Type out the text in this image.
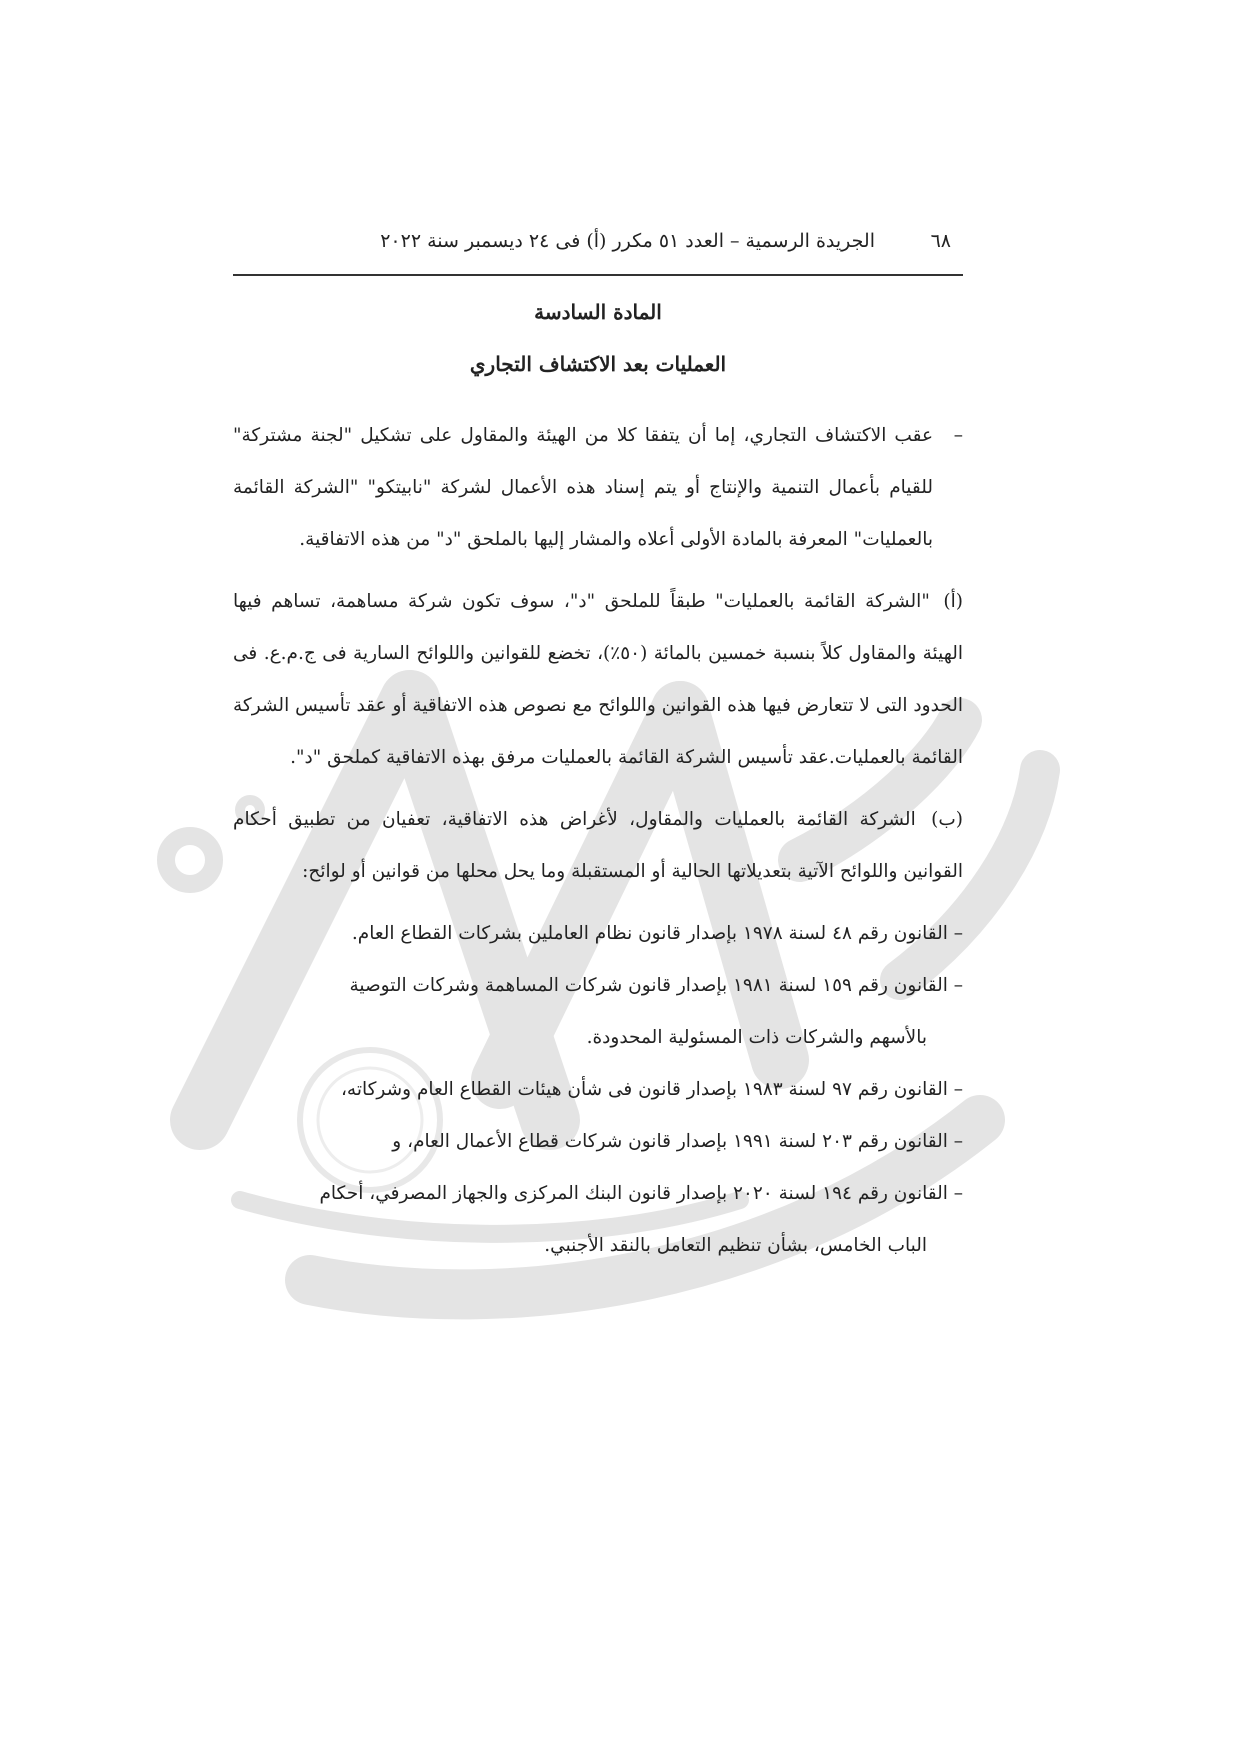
٦٨
الجريدة الرسمية – العدد ٥١ مكرر (أ) فى ٢٤ ديسمبر سنة ٢٠٢٢
المادة السادسة
العمليات بعد الاكتشاف التجاري
–
عقب الاكتشاف التجاري، إما أن يتفقا كلا من الهيئة والمقاول على تشكيل "لجنة مشتركة" للقيام بأعمال التنمية والإنتاج أو يتم إسناد هذه الأعمال لشركة "نابيتكو" "الشركة القائمة بالعمليات" المعرفة بالمادة الأولى أعلاه والمشار إليها بالملحق "د" من هذه الاتفاقية.

(أ) "الشركة القائمة بالعمليات" طبقاً للملحق "د"، سوف تكون شركة مساهمة، تساهم فيها الهيئة والمقاول كلاً بنسبة خمسين بالمائة (٥٠٪)، تخضع للقوانين واللوائح السارية فى ج.م.ع. فى الحدود التى لا تتعارض فيها هذه القوانين واللوائح مع نصوص هذه الاتفاقية أو عقد تأسيس الشركة القائمة بالعمليات.عقد تأسيس الشركة القائمة بالعمليات مرفق بهذه الاتفاقية كملحق "د".

(ب) الشركة القائمة بالعمليات والمقاول، لأغراض هذه الاتفاقية، تعفيان من تطبيق أحكام القوانين واللوائح الآتية بتعديلاتها الحالية أو المستقبلة وما يحل محلها من قوانين أو لوائح:

– القانون رقم ٤٨ لسنة ١٩٧٨ بإصدار قانون نظام العاملين بشركات القطاع العام.
– القانون رقم ١٥٩ لسنة ١٩٨١ بإصدار قانون شركات المساهمة وشركات التوصية
بالأسهم والشركات ذات المسئولية المحدودة.
– القانون رقم ٩٧ لسنة ١٩٨٣ بإصدار قانون فى شأن هيئات القطاع العام وشركاته،
– القانون رقم ٢٠٣ لسنة ١٩٩١ بإصدار قانون شركات قطاع الأعمال العام، و
– القانون رقم ١٩٤ لسنة ٢٠٢٠ بإصدار قانون البنك المركزى والجهاز المصرفي، أحكام
الباب الخامس، بشأن تنظيم التعامل بالنقد الأجنبي.
